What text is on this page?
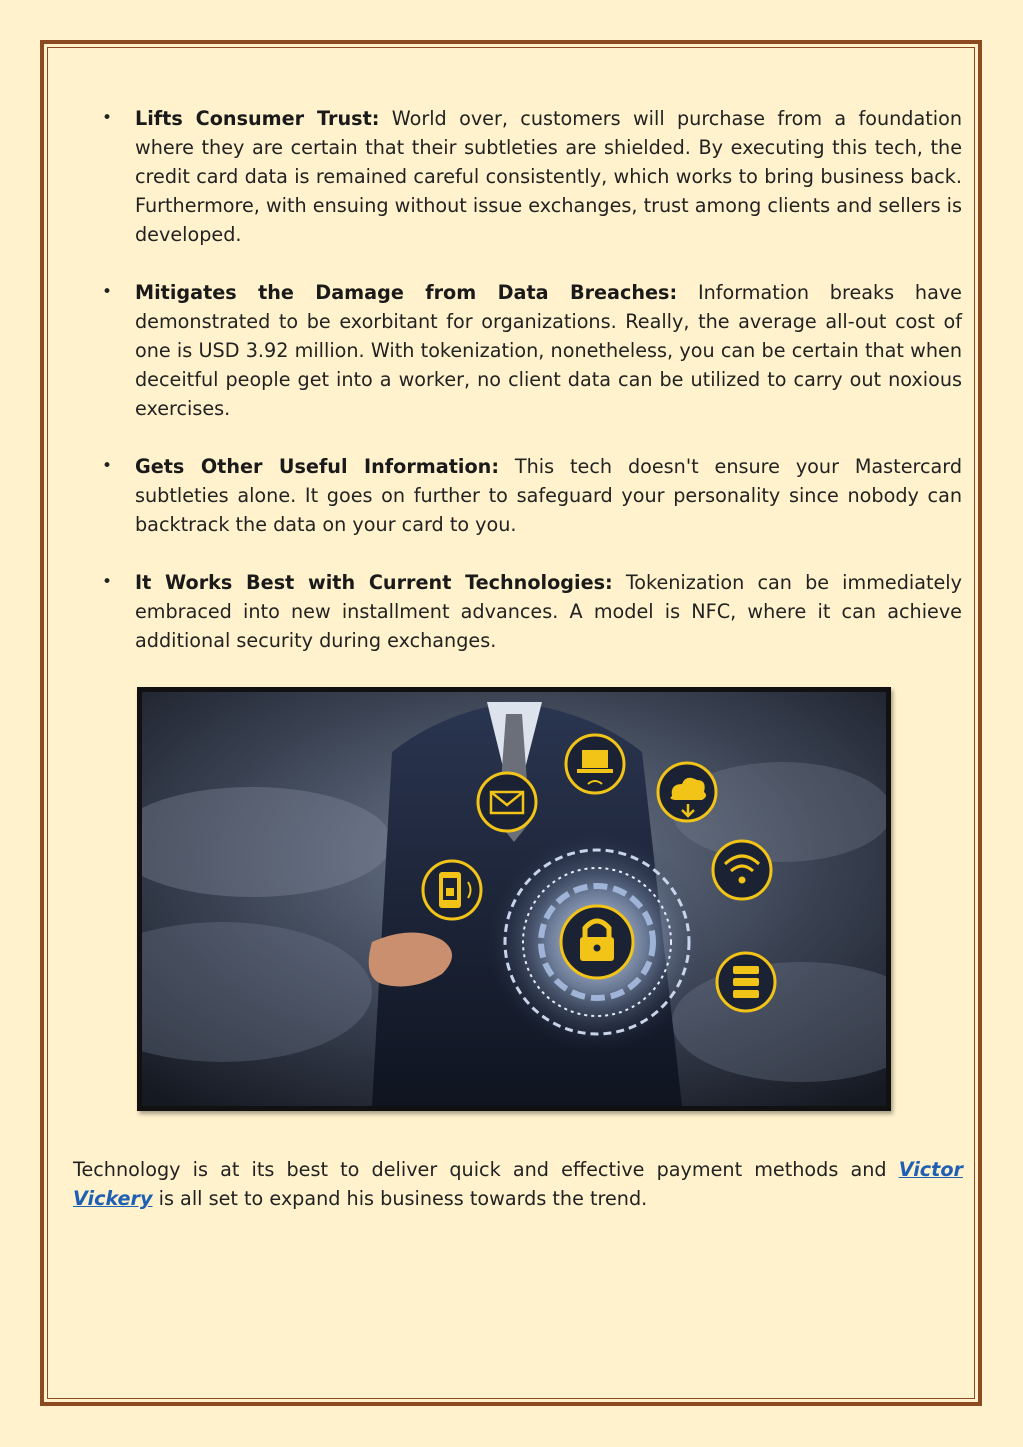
• Lifts Consumer Trust: World over, customers will purchase from a foundation where they are certain that their subtleties are shielded. By executing this tech, the credit card data is remained careful consistently, which works to bring business back. Furthermore, with ensuing without issue exchanges, trust among clients and sellers is developed.
• Mitigates the Damage from Data Breaches: Information breaks have demonstrated to be exorbitant for organizations. Really, the average all-out cost of one is USD 3.92 million. With tokenization, nonetheless, you can be certain that when deceitful people get into a worker, no client data can be utilized to carry out noxious exercises.
• Gets Other Useful Information: This tech doesn't ensure your Mastercard subtleties alone. It goes on further to safeguard your personality since nobody can backtrack the data on your card to you.
• It Works Best with Current Technologies: Tokenization can be immediately embraced into new installment advances. A model is NFC, where it can achieve additional security during exchanges.

Technology is at its best to deliver quick and effective payment methods and Victor Vickery is all set to expand his business towards the trend.
